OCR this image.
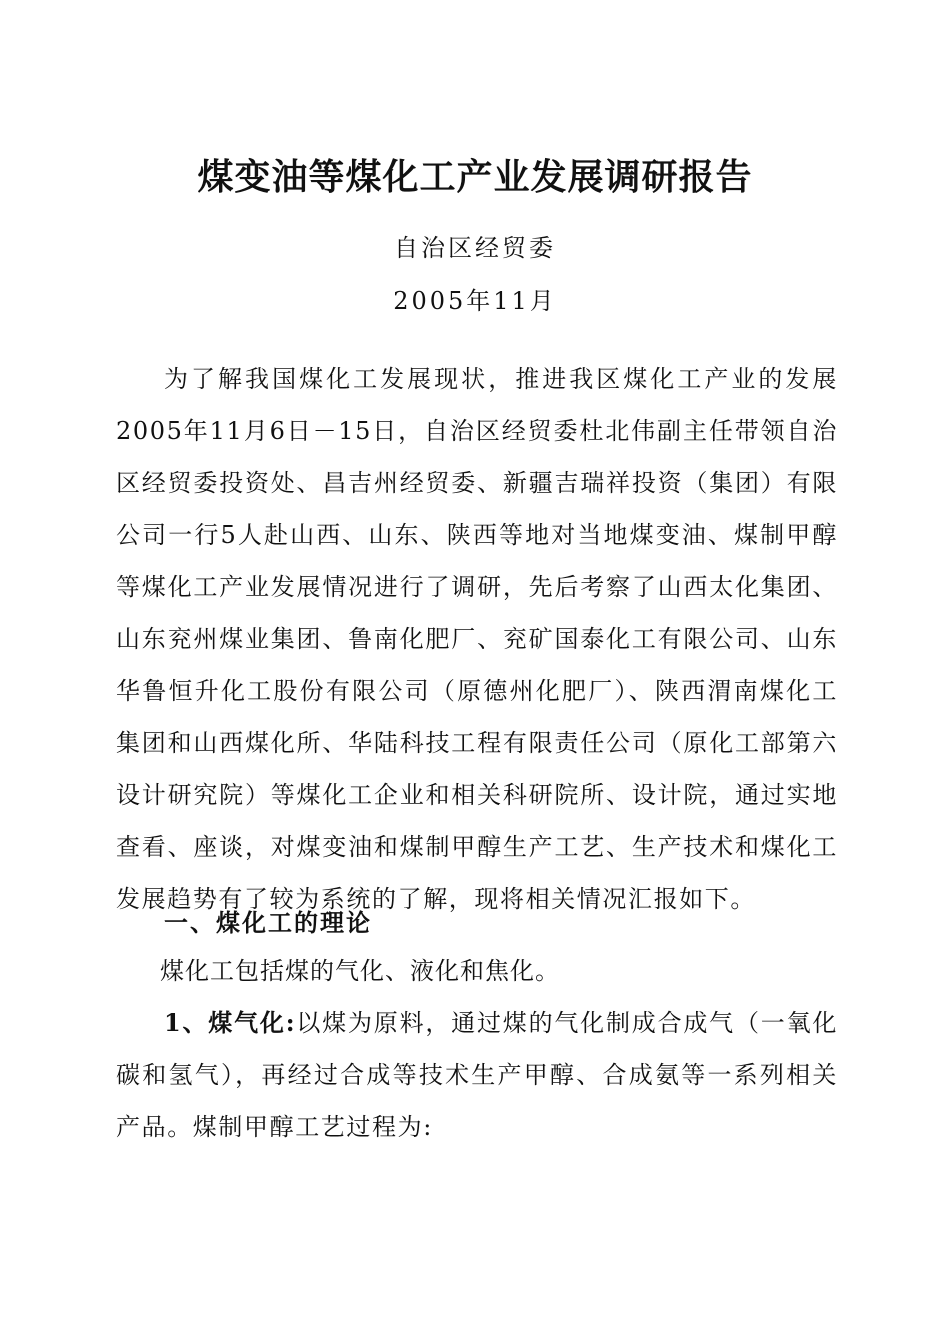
煤变油等煤化工产业发展调研报告
自治区经贸委
2005年11月

为了解我国煤化工发展现状，推进我区煤化工产业的发展2005年11月6日－15日，自治区经贸委杜北伟副主任带领自治区经贸委投资处、昌吉州经贸委、新疆吉瑞祥投资（集团）有限公司一行5人赴山西、山东、陕西等地对当地煤变油、煤制甲醇等煤化工产业发展情况进行了调研，先后考察了山西太化集团、山东兖州煤业集团、鲁南化肥厂、兖矿国泰化工有限公司、山东华鲁恒升化工股份有限公司（原德州化肥厂）、陕西渭南煤化工集团和山西煤化所、华陆科技工程有限责任公司（原化工部第六设计研究院）等煤化工企业和相关科研院所、设计院，通过实地查看、座谈，对煤变油和煤制甲醇生产工艺、生产技术和煤化工发展趋势有了较为系统的了解，现将相关情况汇报如下。

一、煤化工的理论

煤化工包括煤的气化、液化和焦化。

1、煤气化:以煤为原料，通过煤的气化制成合成气（一氧化碳和氢气），再经过合成等技术生产甲醇、合成氨等一系列相关产品。煤制甲醇工艺过程为:
